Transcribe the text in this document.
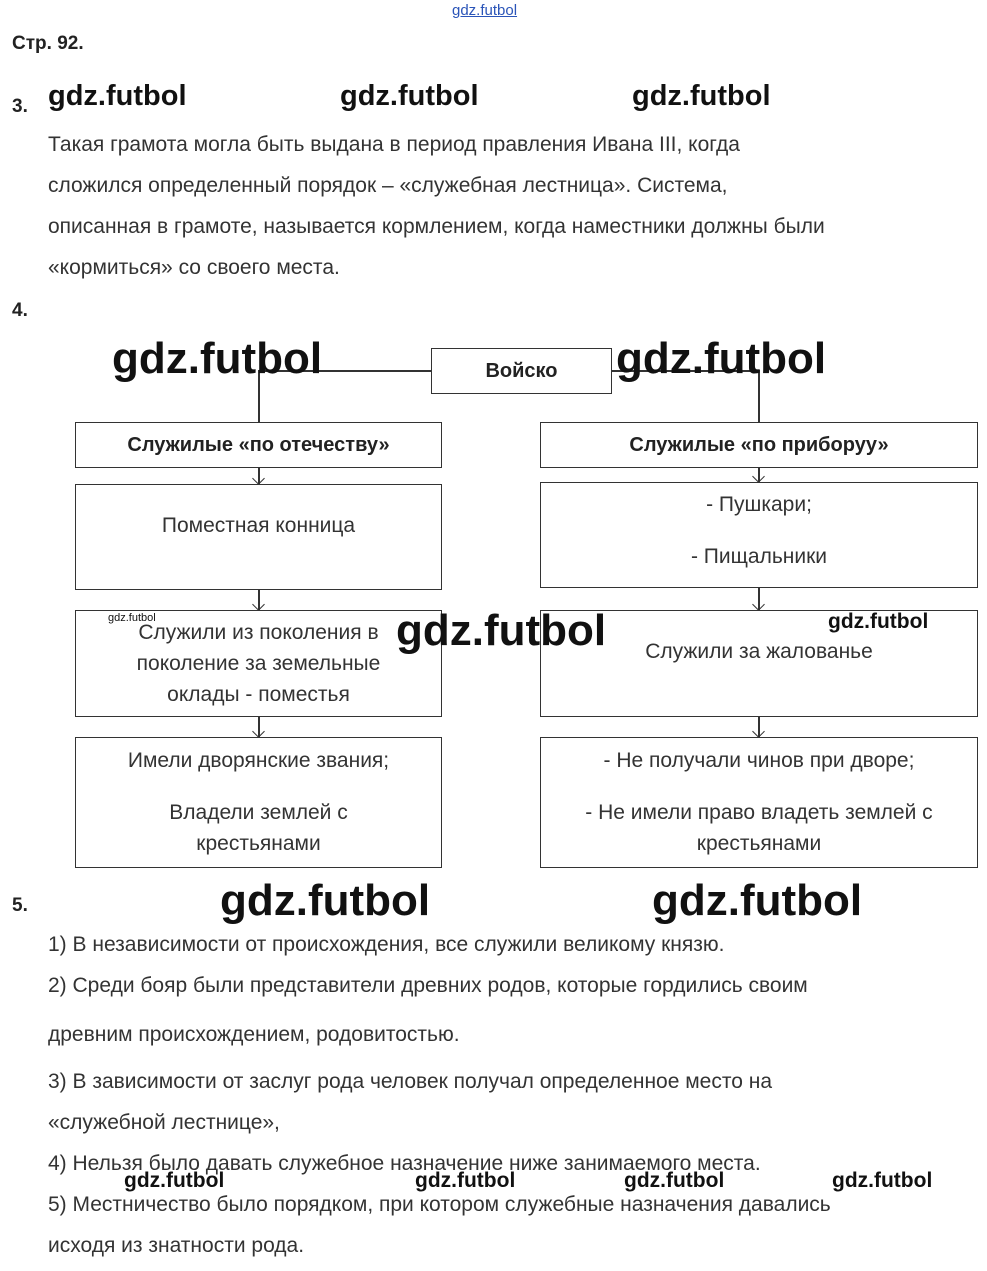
gdz.futbol
Стр. 92.
3. gdz.futbol	gdz.futbol	gdz.futbol
Такая грамота могла быть выдана в период правления Ивана III, когда
сложился определенный порядок – «служебная лестница». Система,
описанная в грамоте, называется кормлением, когда наместники должны были
«кормиться» со своего места.
4.
Войско
Служилые «по отечеству»
Поместная конница
Служили из поколения в
поколение за земельные
оклады - поместья
Имели дворянские звания;
Владели землей с
крестьянами
Служилые «по приборуу»
- Пушкари;
- Пищальники
Служили за жалованье
- Не получали чинов при дворе;
- Не имели право владеть землей с
крестьянами
gdz.futbol	gdz.futbol
gdz.futbol
gdz.futbol	gdz.futbol
5.	gdz.futbol	gdz.futbol
1) В независимости от происхождения, все служили великому князю.
2) Среди бояр были представители древних родов, которые гордились своим
древним происхождением, родовитостью.
3) В зависимости от заслуг рода человек получал определенное место на
«служебной лестнице»,
4) Нельзя было давать служебное назначение ниже занимаемого места.
5) Местничество было порядком, при котором служебные назначения давались
исходя из знатности рода.
gdz.futbol	gdz.futbol	gdz.futbol	gdz.futbol
